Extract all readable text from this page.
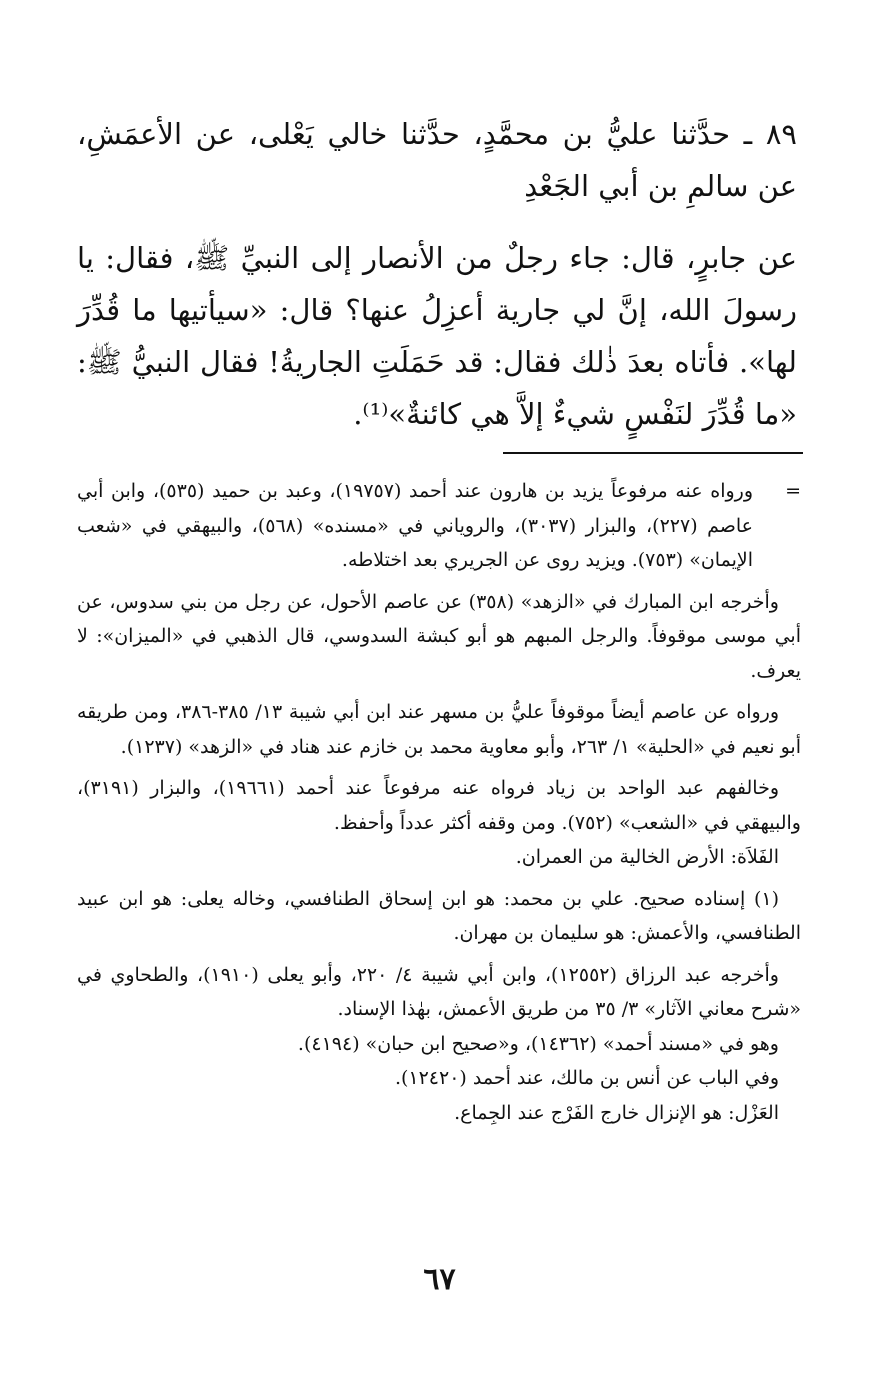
٨٩ ـ حدَّثنا عليُّ بن محمَّدٍ، حدَّثنا خالي يَعْلى، عن الأعمَشِ، عن سالمِ بن أبي الجَعْدِ

عن جابرٍ، قال: جاء رجلٌ من الأنصار إلى النبيِّ ﷺ، فقال: يا رسولَ الله، إنَّ لي جارية أعزِلُ عنها؟ قال: «سيأتيها ما قُدِّرَ لها». فأتاه بعدَ ذٰلك فقال: قد حَمَلَتِ الجاريةُ! فقال النبيُّ ﷺ: «ما قُدِّرَ لنَفْسٍ شيءٌ إلاَّ هي كائنةٌ»⁽¹⁾.

=
ورواه عنه مرفوعاً يزيد بن هارون عند أحمد (١٩٧٥٧)، وعبد بن حميد (٥٣٥)، وابن أبي عاصم (٢٢٧)، والبزار (٣٠٣٧)، والروياني في «مسنده» (٥٦٨)، والبيهقي في «شعب الإيمان» (٧٥٣). ويزيد روى عن الجريري بعد اختلاطه.

وأخرجه ابن المبارك في «الزهد» (٣٥٨) عن عاصم الأحول، عن رجل من بني سدوس، عن أبي موسى موقوفاً. والرجل المبهم هو أبو كبشة السدوسي، قال الذهبي في «الميزان»: لا يعرف.

ورواه عن عاصم أيضاً موقوفاً عليُّ بن مسهر عند ابن أبي شيبة ١٣/ ٣٨٥-٣٨٦، ومن طريقه أبو نعيم في «الحلية» ١/ ٢٦٣، وأبو معاوية محمد بن خازم عند هناد في «الزهد» (١٢٣٧).

وخالفهم عبد الواحد بن زياد فرواه عنه مرفوعاً عند أحمد (١٩٦٦١)، والبزار (٣١٩١)، والبيهقي في «الشعب» (٧٥٢). ومن وقفه أكثر عدداً وأحفظ.

الفَلاَة: الأرض الخالية من العمران.

(١) إسناده صحيح. علي بن محمد: هو ابن إسحاق الطنافسي، وخاله يعلى: هو ابن عبيد الطنافسي، والأعمش: هو سليمان بن مهران.

وأخرجه عبد الرزاق (١٢٥٥٢)، وابن أبي شيبة ٤/ ٢٢٠، وأبو يعلى (١٩١٠)، والطحاوي في «شرح معاني الآثار» ٣/ ٣٥ من طريق الأعمش، بهٰذا الإسناد.

وهو في «مسند أحمد» (١٤٣٦٢)، و«صحيح ابن حبان» (٤١٩٤).

وفي الباب عن أنس بن مالك، عند أحمد (١٢٤٢٠).

العَزْل: هو الإنزال خارج الفَرْج عند الجِماع.

٦٧
